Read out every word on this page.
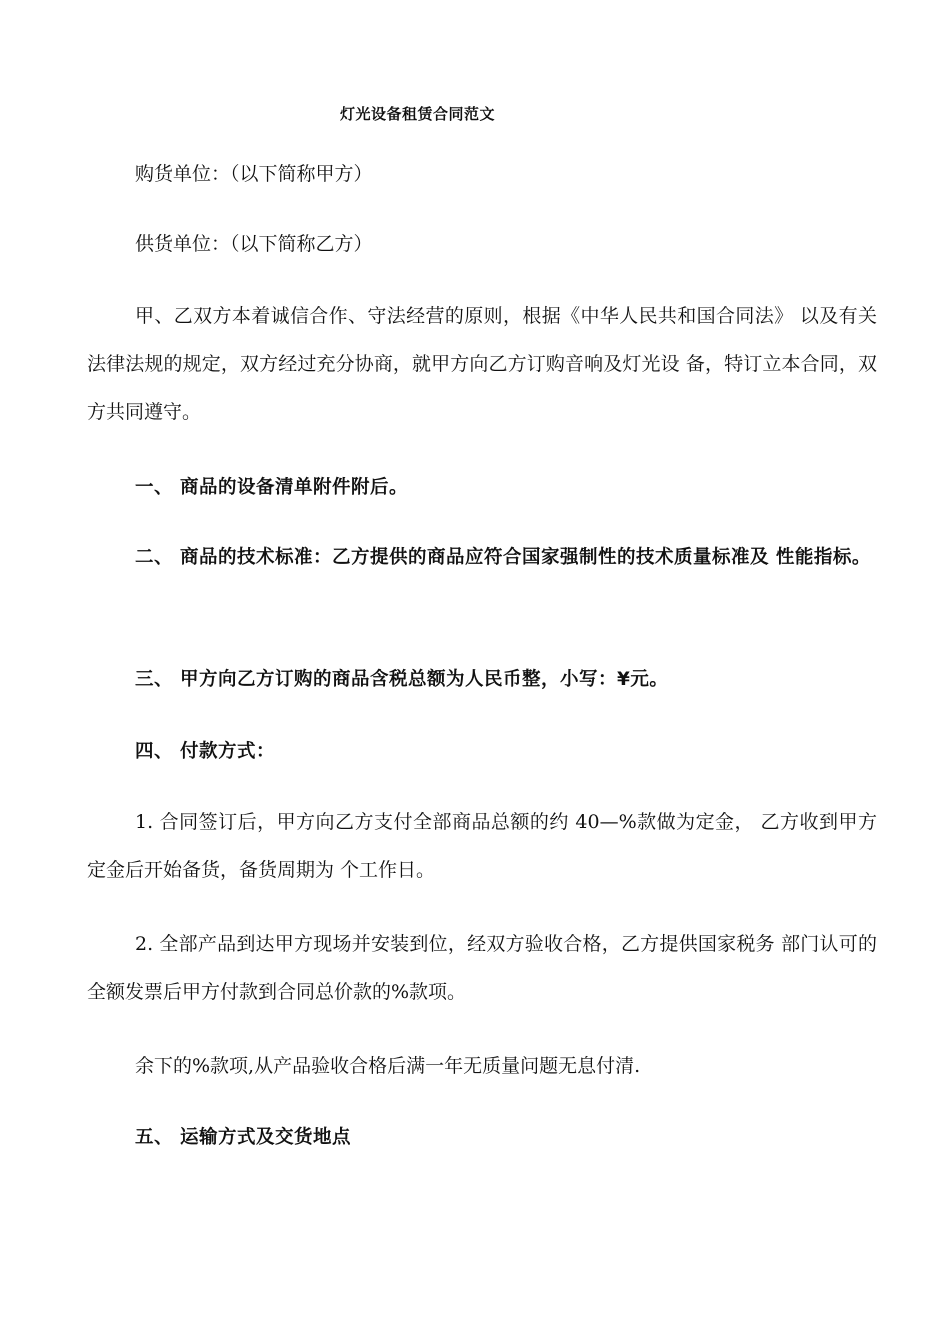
灯光设备租赁合同范文

购货单位：（以下简称甲方）

供货单位：（以下简称乙方）

甲、乙双方本着诚信合作、守法经营的原则，根据《中华人民共和国合同法》 以及有关法律法规的规定，双方经过充分协商，就甲方向乙方订购音响及灯光设 备，特订立本合同，双方共同遵守。

一、 商品的设备清单附件附后。

二、 商品的技术标准：乙方提供的商品应符合国家强制性的技术质量标准及 性能指标。

三、 甲方向乙方订购的商品含税总额为人民币整，小写：¥元。

四、 付款方式：

1. 合同签订后，甲方向乙方支付全部商品总额的约 40—%款做为定金， 乙方收到甲方定金后开始备货，备货周期为 个工作日。

2. 全部产品到达甲方现场并安装到位，经双方验收合格，乙方提供国家税务 部门认可的全额发票后甲方付款到合同总价款的%款项。

余下的%款项,从产品验收合格后满一年无质量问题无息付清.

五、 运输方式及交货地点
